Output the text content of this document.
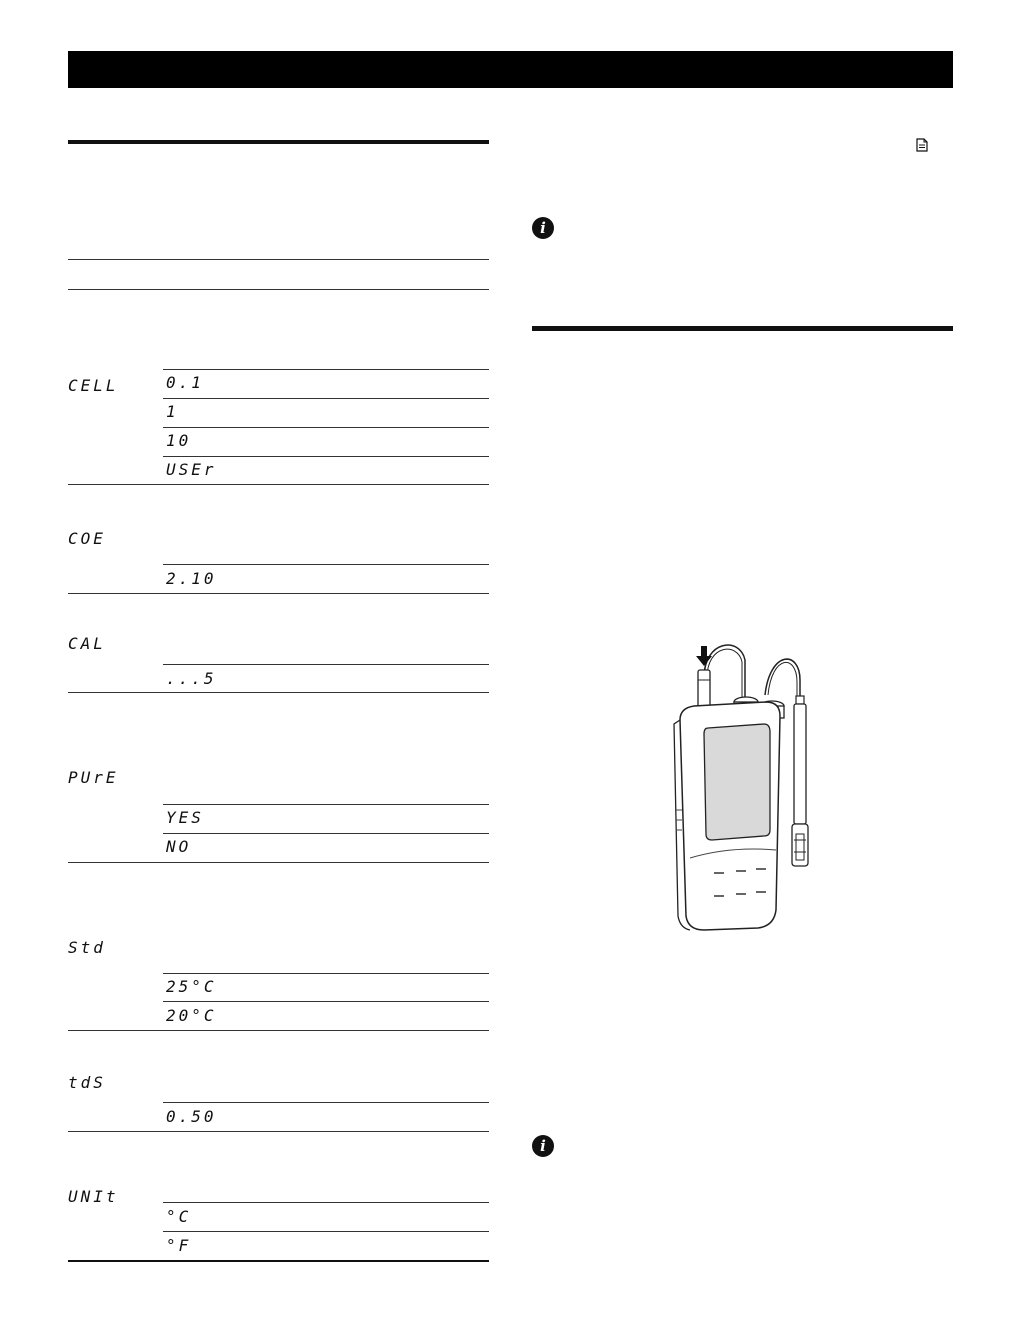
CELL	0.1
1
10
USEr
COE
2.10
CAL
...5
PUrE
YES
NO
Std
25°C
20°C
tdS
0.50
UNIt
°C
°F
i
i
